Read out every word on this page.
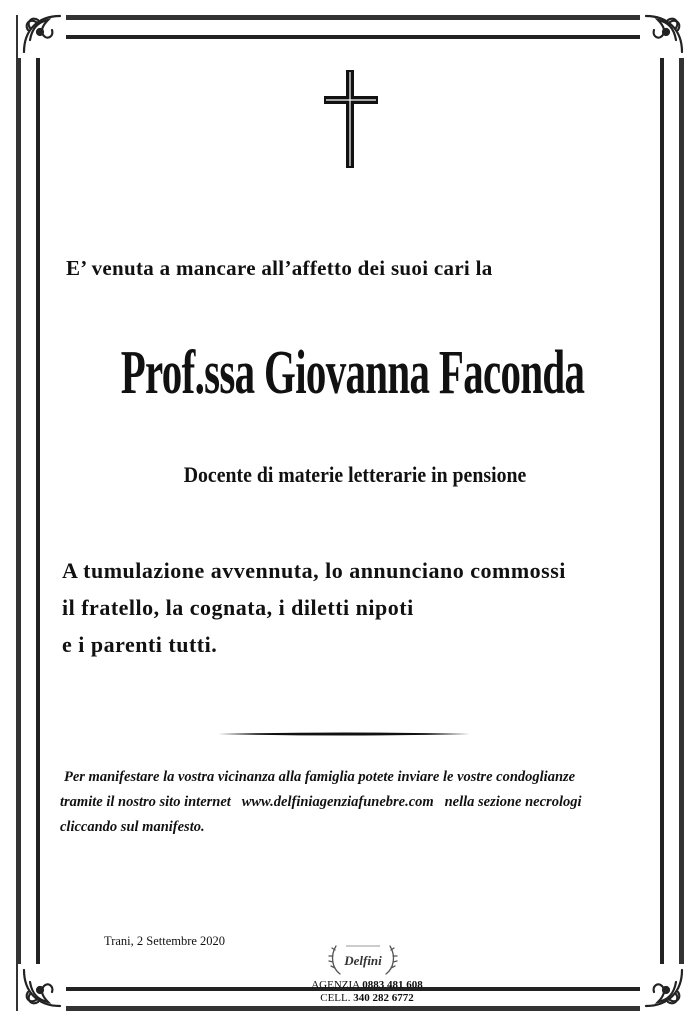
E’ venuta a mancare all’affetto dei suoi cari la
Prof.ssa Giovanna Faconda
Docente di materie letterarie in pensione
A tumulazione avvennuta, lo annunciano commossi
il fratello, la cognata, i diletti nipoti
e i parenti tutti.
Per manifestare la vostra vicinanza alla famiglia potete inviare le vostre condoglianze
tramite il nostro sito internet www.delfiniagenziafunebre.com nella sezione necrologi
cliccando sul manifesto.
Trani, 2 Settembre 2020
Delfini
AGENZIA 0883 481 608
CELL. 340 282 6772
